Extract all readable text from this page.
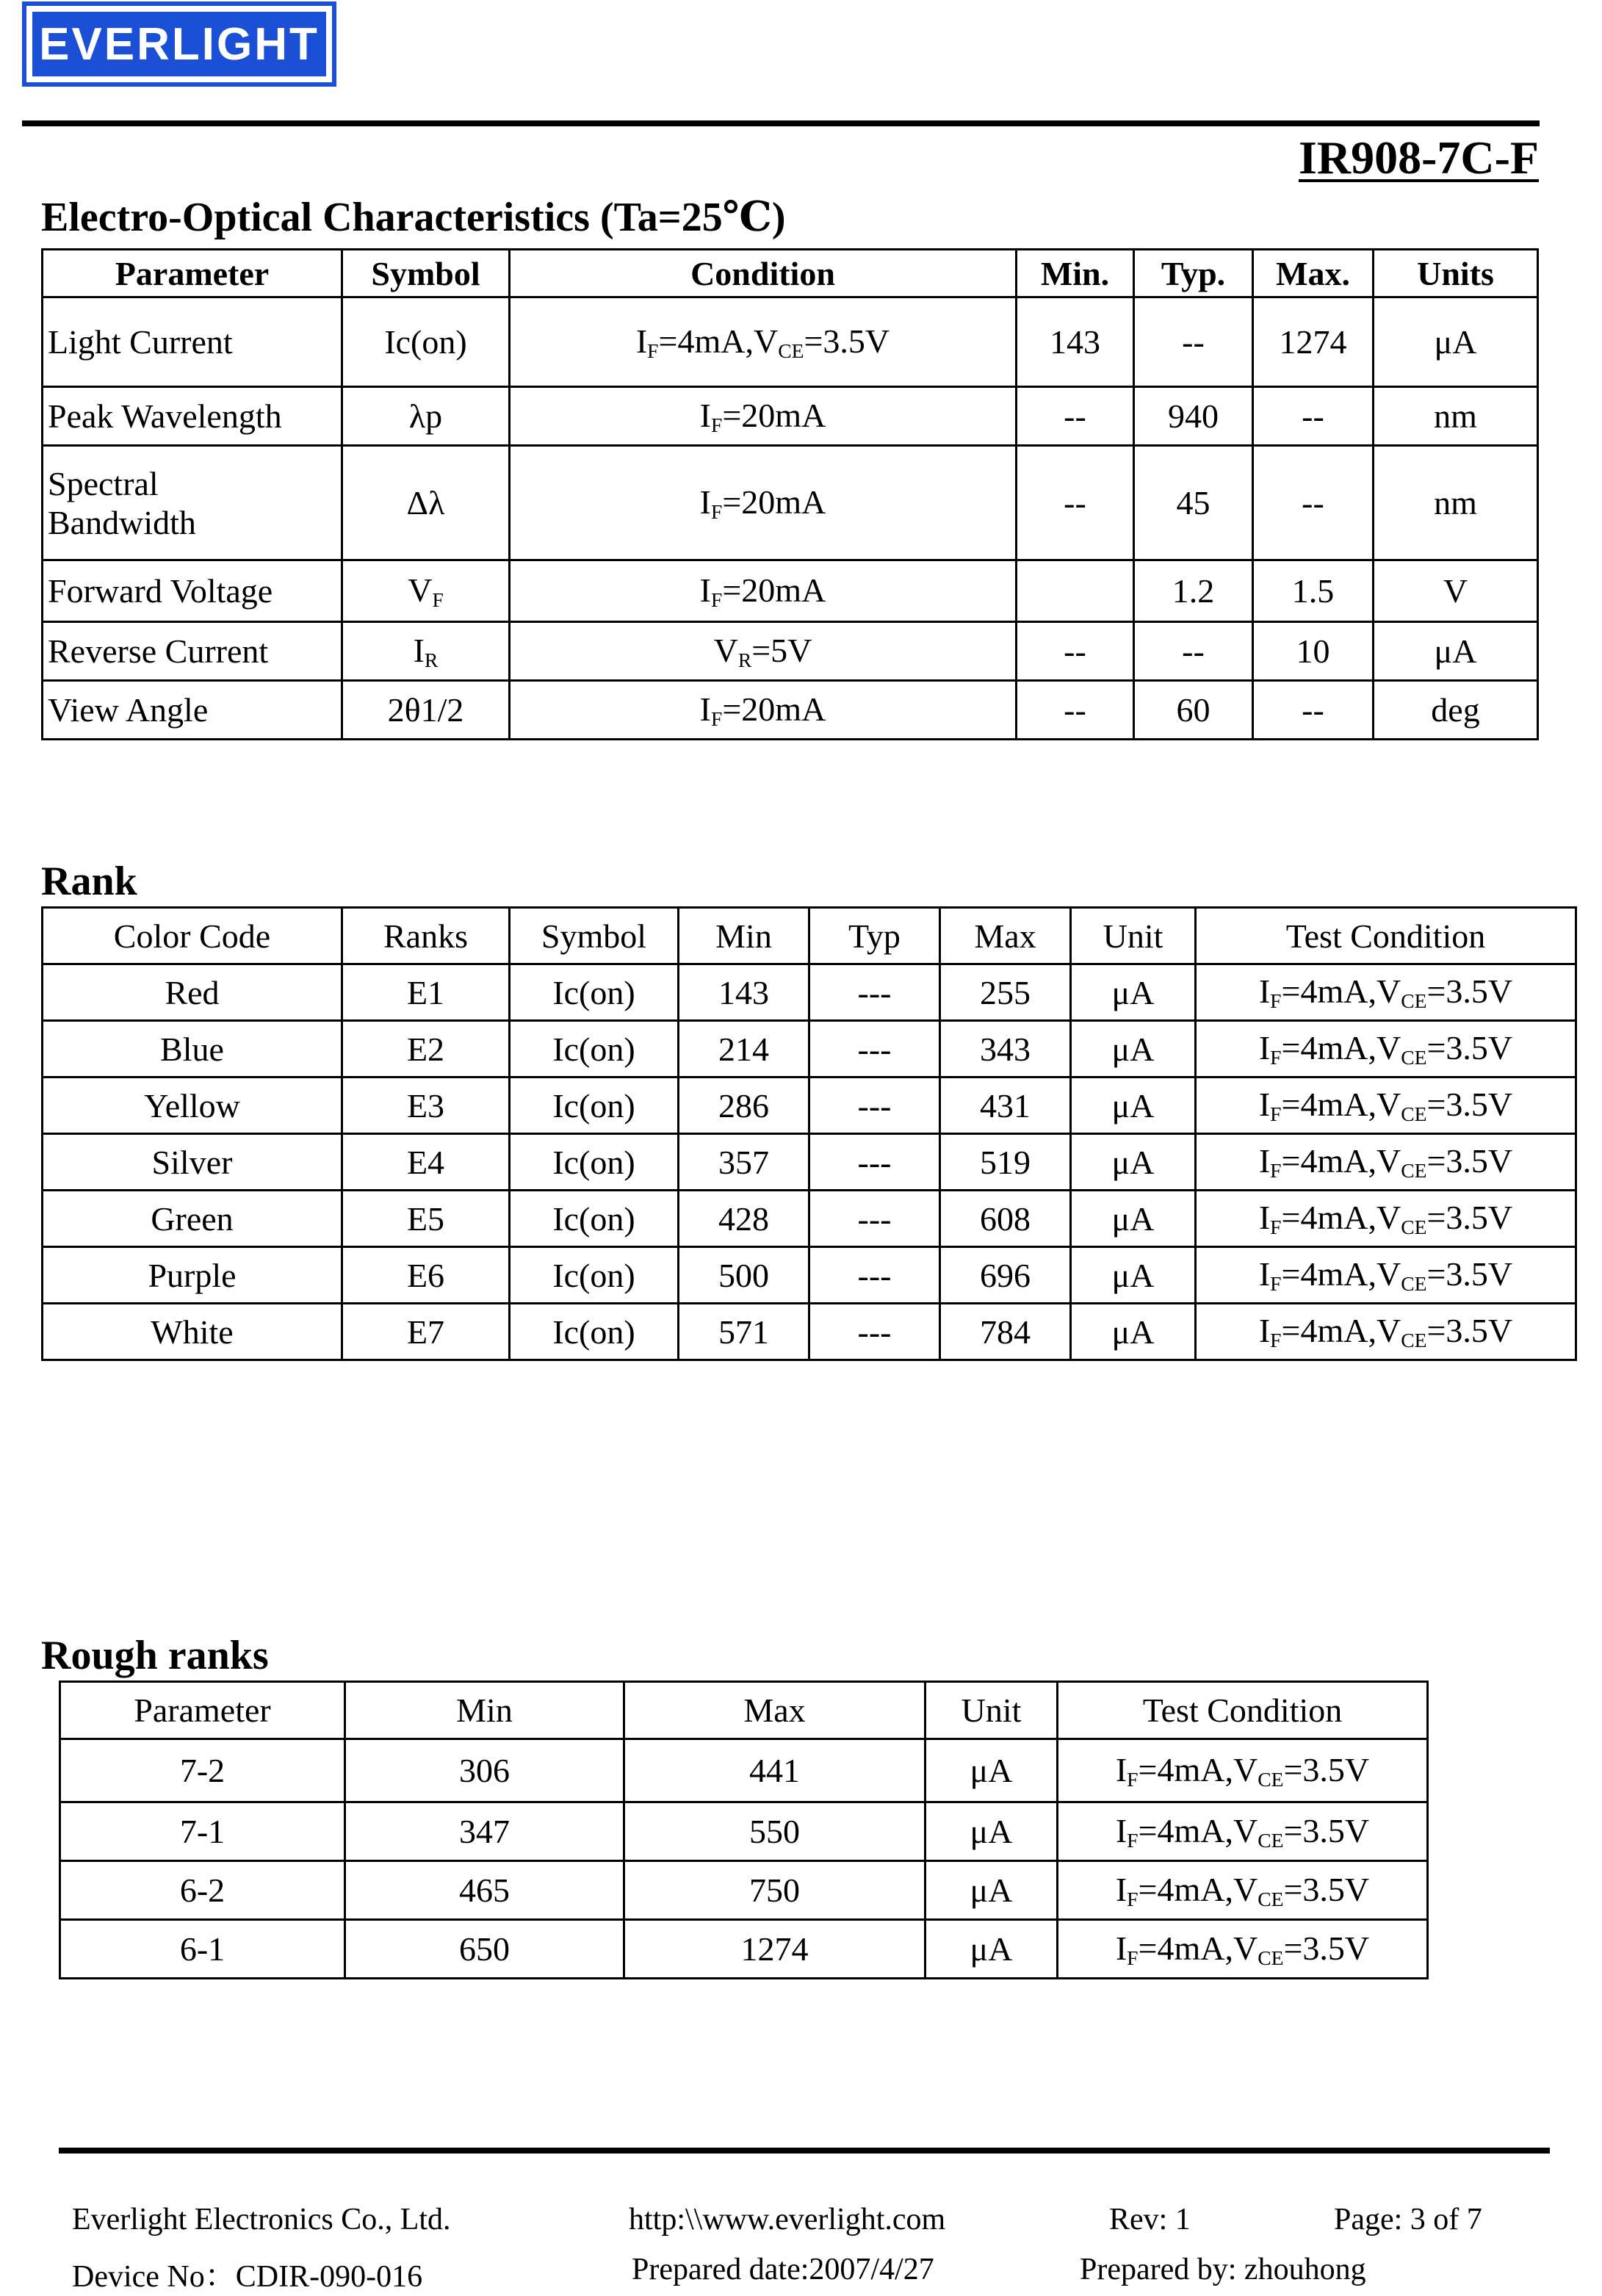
EVERLIGHT
IR908-7C-F
Electro-Optical Characteristics (Ta=25℃)
Parameter	Symbol	Condition	Min.	Typ.	Max.	Units
Light Current	Ic(on)	$I_F=4mA,V_{CE}=3.5V$	143	--	1274	μA
Peak Wavelength	λp	$I_F=20mA$	--	940	--	nm

Spectral
Bandwidth	Δλ	$I_F=20mA$	--	45	--	nm
Forward Voltage	$V_F$	$I_F=20mA$		1.2	1.5	V
Reverse Current	$I_R$	$V_R=5V$	--	--	10	μA
View Angle	2θ1/2	$I_F=20mA$	--	60	--	deg
Rank
Color Code	Ranks	Symbol	Min	Typ	Max	Unit	Test Condition
Red	E1	Ic(on)	143	---	255	μA	$I_F=4mA,V_{CE}=3.5V$
Blue	E2	Ic(on)	214	---	343	μA	$I_F=4mA,V_{CE}=3.5V$
Yellow	E3	Ic(on)	286	---	431	μA	$I_F=4mA,V_{CE}=3.5V$
Silver	E4	Ic(on)	357	---	519	μA	$I_F=4mA,V_{CE}=3.5V$
Green	E5	Ic(on)	428	---	608	μA	$I_F=4mA,V_{CE}=3.5V$
Purple	E6	Ic(on)	500	---	696	μA	$I_F=4mA,V_{CE}=3.5V$
White	E7	Ic(on)	571	---	784	μA	$I_F=4mA,V_{CE}=3.5V$
Rough ranks
Parameter	Min	Max	Unit	Test Condition
7-2	306	441	μA	$I_F=4mA,V_{CE}=3.5V$
7-1	347	550	μA	$I_F=4mA,V_{CE}=3.5V$
6-2	465	750	μA	$I_F=4mA,V_{CE}=3.5V$
6-1	650	1274	μA	$I_F=4mA,V_{CE}=3.5V$
Everlight Electronics Co., Ltd.	http:\\www.everlight.com	Rev: 1	Page: 3 of 7
Device No：CDIR-090-016	Prepared date:2007/4/27	Prepared by: zhouhong
